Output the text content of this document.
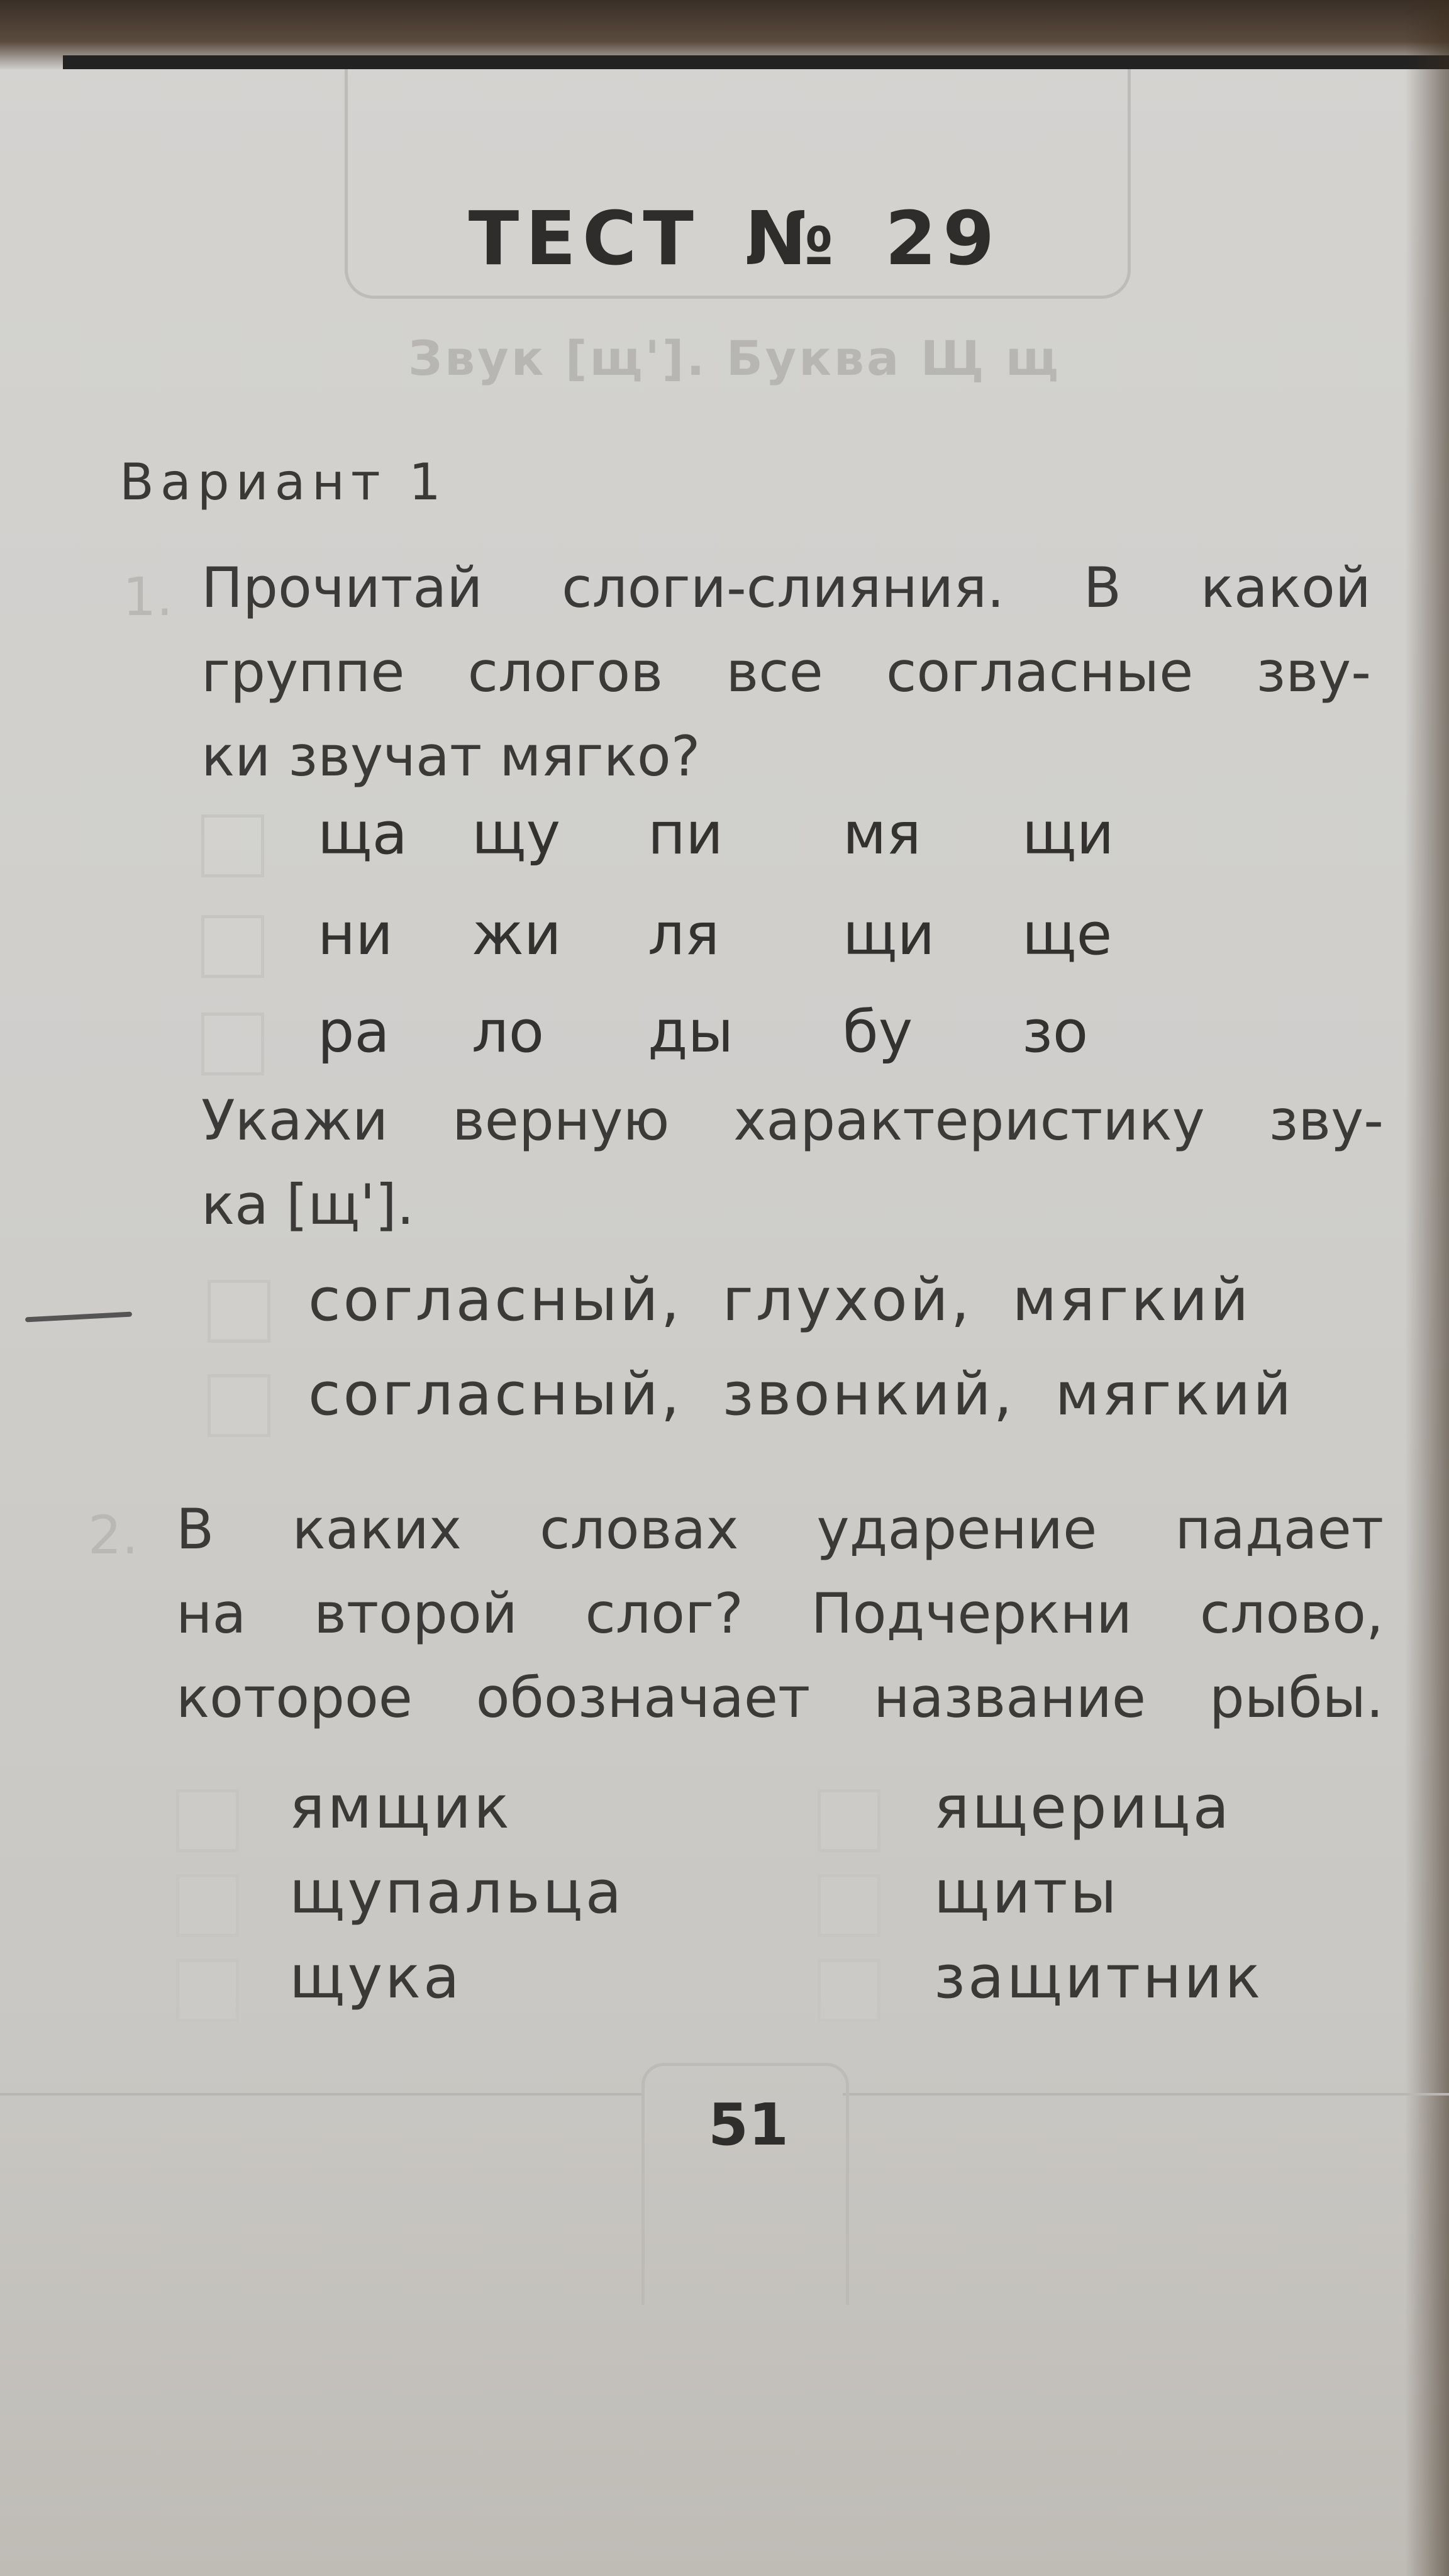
ТЕСТ № 29
Звук [щ']. Буква Щ щ
Вариант 1
1. Прочитай слоги-слияния. В какой
группе слогов все согласные зву-
ки звучат мягко?
ща щу пи мя щи
ни жи ля щи ще
ра ло ды бу зо
Укажи верную характеристику зву-
ка [щ'].
согласный, глухой, мягкий
согласный, звонкий, мягкий
2. В каких словах ударение падает
на второй слог? Подчеркни слово,
которое обозначает название рыбы.
ямщик
щупальца
щука
ящерица
щиты
защитник
51
